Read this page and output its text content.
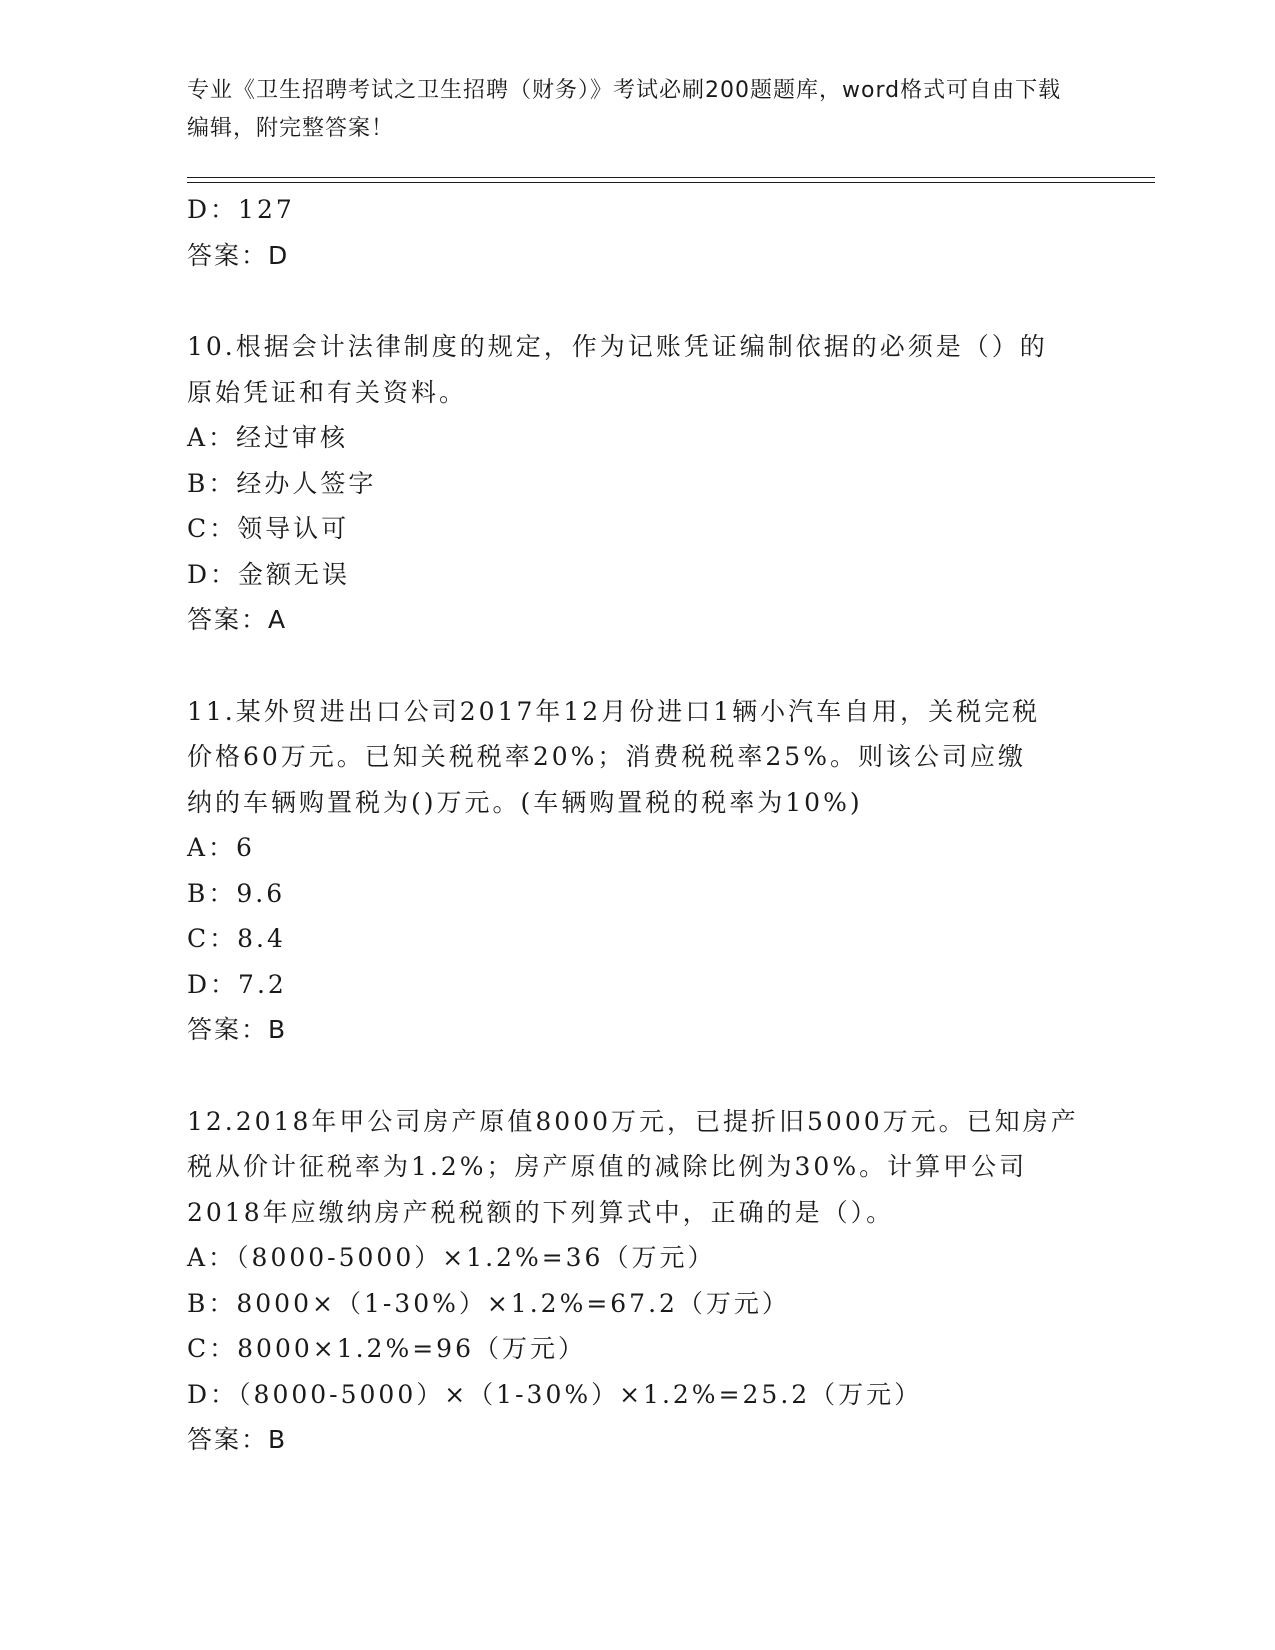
专业《卫生招聘考试之卫生招聘（财务）》考试必刷200题题库，word格式可自由下载编辑，附完整答案！

D：127
答案：D
10.根据会计法律制度的规定，作为记账凭证编制依据的必须是（）的
原始凭证和有关资料。
A：经过审核
B：经办人签字
C：领导认可
D：金额无误
答案：A
11.某外贸进出口公司2017年12月份进口1辆小汽车自用，关税完税
价格60万元。已知关税税率20%；消费税税率25%。则该公司应缴
纳的车辆购置税为()万元。(车辆购置税的税率为10%)
A：6
B：9.6
C：8.4
D：7.2
答案：B
12.2018年甲公司房产原值8000万元，已提折旧5000万元。已知房产
税从价计征税率为1.2%；房产原值的减除比例为30%。计算甲公司
2018年应缴纳房产税税额的下列算式中，正确的是（）。
A：（8000-5000）×1.2%=36（万元）
B：8000×（1-30%）×1.2%=67.2（万元）
C：8000×1.2%=96（万元）
D：（8000-5000）×（1-30%）×1.2%=25.2（万元）
答案：B
